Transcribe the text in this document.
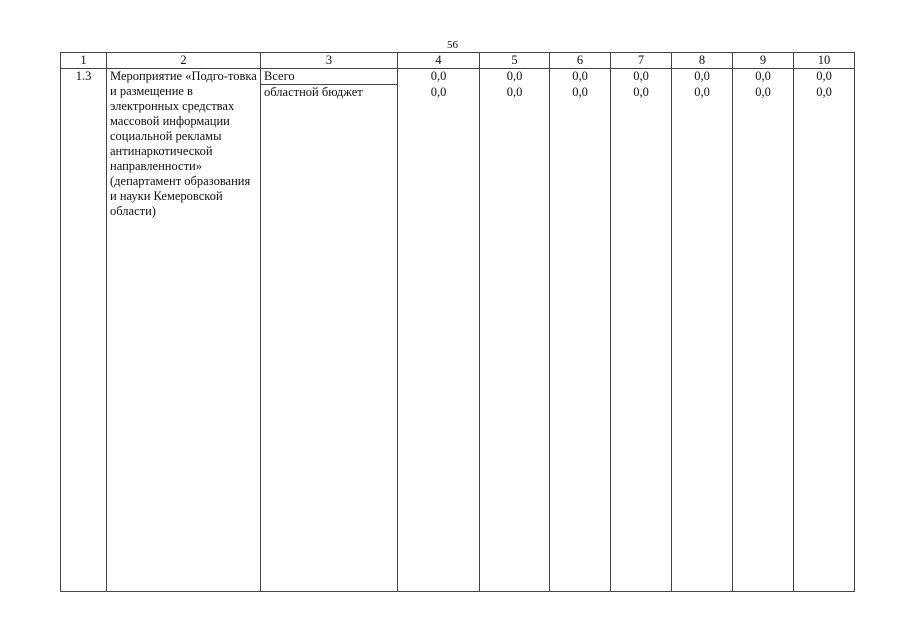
56
1	2	3	4	5	6	7	8	9	10
1.3	Мероприятие «Подго-товка и размещение в электронных средствах массовой информации социальной рекламы антинаркотической направленности» (департамент образования и науки Кемеровской области)	Всего	0,0	0,0	0,0	0,0	0,0	0,0	0,0
		областной бюджет	0,0	0,0	0,0	0,0	0,0	0,0	0,0
